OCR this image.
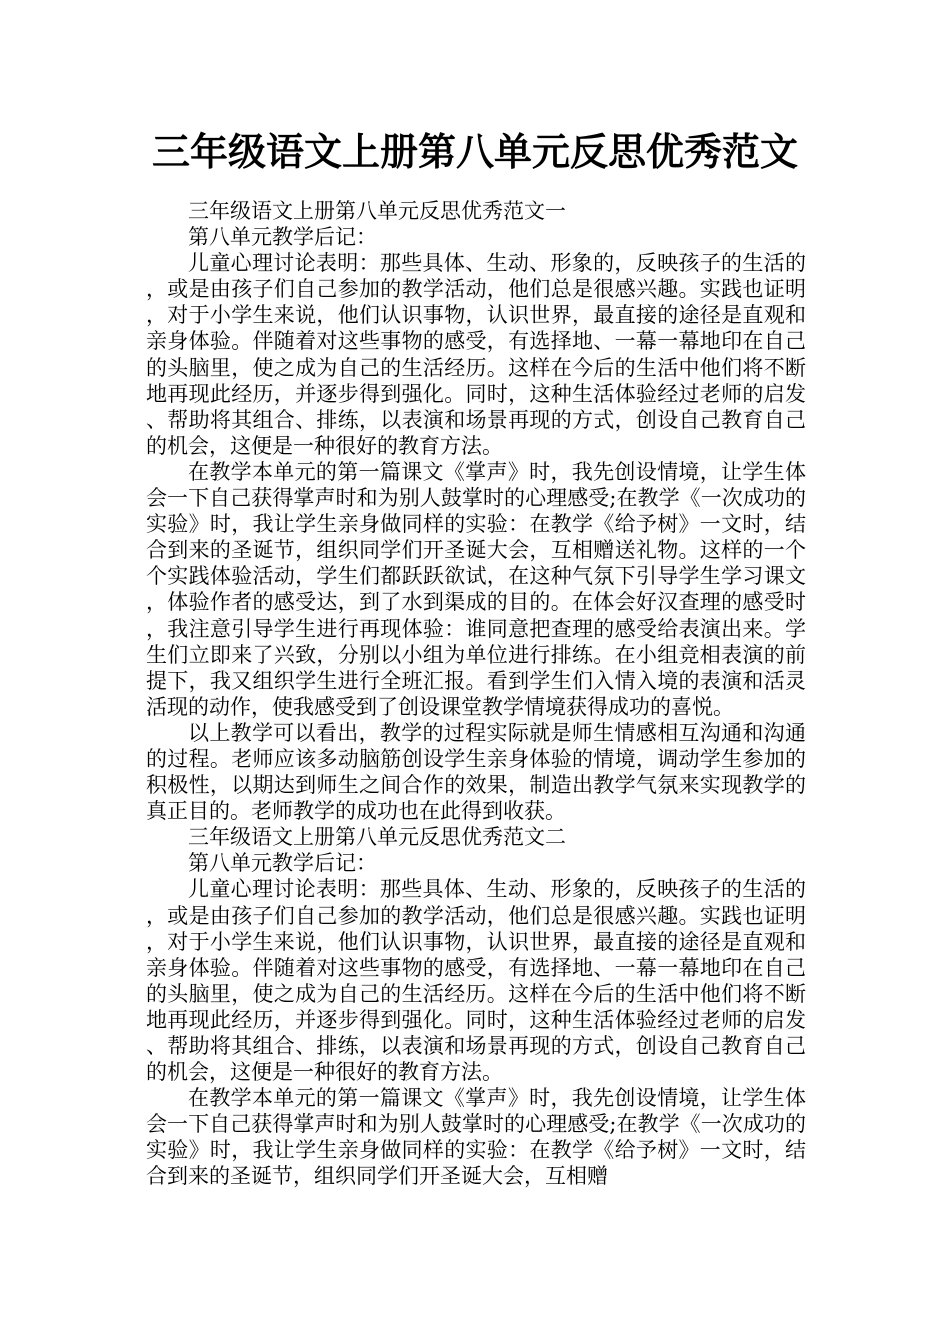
三年级语文上册第八单元反思优秀范文

三年级语文上册第八单元反思优秀范文一

第八单元教学后记：

儿童心理讨论表明：那些具体、生动、形象的，反映孩子的生活的，或是由孩子们自己参加的教学活动，他们总是很感兴趣。实践也证明，对于小学生来说，他们认识事物，认识世界，最直接的途径是直观和亲身体验。伴随着对这些事物的感受，有选择地、一幕一幕地印在自己的头脑里，使之成为自己的生活经历。这样在今后的生活中他们将不断地再现此经历，并逐步得到强化。同时，这种生活体验经过老师的启发、帮助将其组合、排练，以表演和场景再现的方式，创设自己教育自己的机会，这便是一种很好的教育方法。

在教学本单元的第一篇课文《掌声》时，我先创设情境，让学生体会一下自己获得掌声时和为别人鼓掌时的心理感受;在教学《一次成功的实验》时，我让学生亲身做同样的实验：在教学《给予树》一文时，结合到来的圣诞节，组织同学们开圣诞大会，互相赠送礼物。这样的一个个实践体验活动，学生们都跃跃欲试，在这种气氛下引导学生学习课文，体验作者的感受达，到了水到渠成的目的。在体会好汉查理的感受时，我注意引导学生进行再现体验：谁同意把查理的感受给表演出来。学生们立即来了兴致，分别以小组为单位进行排练。在小组竞相表演的前提下，我又组织学生进行全班汇报。看到学生们入情入境的表演和活灵活现的动作，使我感受到了创设课堂教学情境获得成功的喜悦。

以上教学可以看出，教学的过程实际就是师生情感相互沟通和沟通的过程。老师应该多动脑筋创设学生亲身体验的情境，调动学生参加的积极性，以期达到师生之间合作的效果，制造出教学气氛来实现教学的真正目的。老师教学的成功也在此得到收获。

三年级语文上册第八单元反思优秀范文二

第八单元教学后记：

儿童心理讨论表明：那些具体、生动、形象的，反映孩子的生活的，或是由孩子们自己参加的教学活动，他们总是很感兴趣。实践也证明，对于小学生来说，他们认识事物，认识世界，最直接的途径是直观和亲身体验。伴随着对这些事物的感受，有选择地、一幕一幕地印在自己的头脑里，使之成为自己的生活经历。这样在今后的生活中他们将不断地再现此经历，并逐步得到强化。同时，这种生活体验经过老师的启发、帮助将其组合、排练，以表演和场景再现的方式，创设自己教育自己的机会，这便是一种很好的教育方法。

在教学本单元的第一篇课文《掌声》时，我先创设情境，让学生体会一下自己获得掌声时和为别人鼓掌时的心理感受;在教学《一次成功的实验》时，我让学生亲身做同样的实验：在教学《给予树》一文时，结合到来的圣诞节，组织同学们开圣诞大会，互相赠
